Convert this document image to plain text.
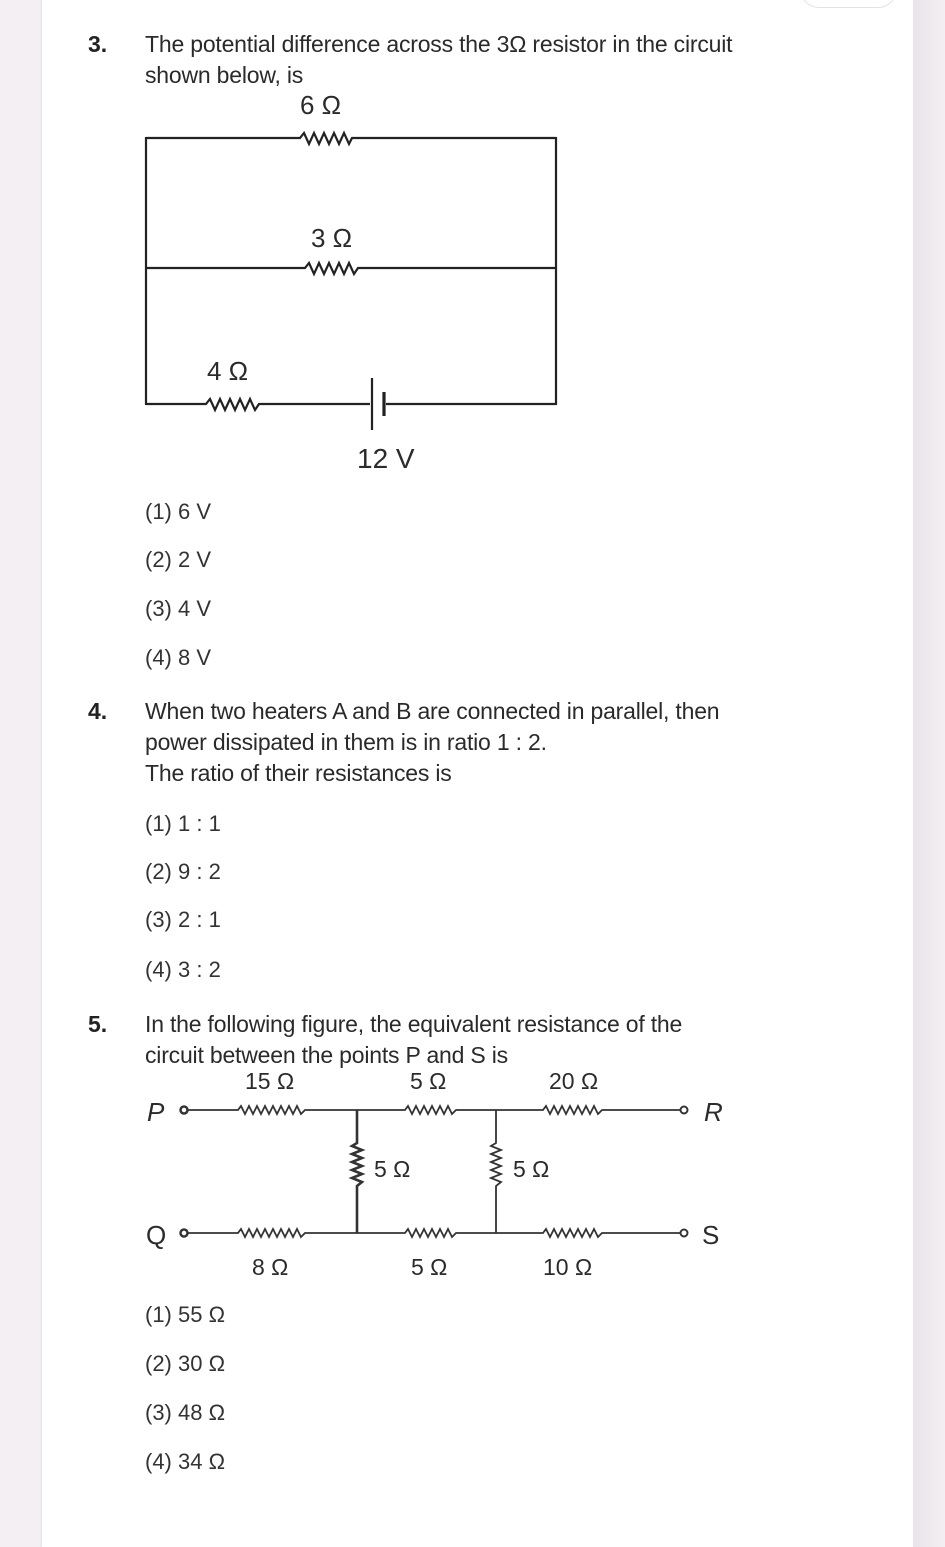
3. The potential difference across the 3Ω resistor in the circuit
shown below, is
6 Ω
3 Ω
4 Ω
12 V
(1) 6 V
(2) 2 V
(3) 4 V
(4) 8 V
4. When two heaters A and B are connected in parallel, then
power dissipated in them is in ratio 1 : 2.
The ratio of their resistances is
(1) 1 : 1
(2) 9 : 2
(3) 2 : 1
(4) 3 : 2
5. In the following figure, the equivalent resistance of the
circuit between the points P and S is
P
Q
R
S
15 Ω	5 Ω	20 Ω
5 Ω	5 Ω
8 Ω	5 Ω	10 Ω
(1) 55 Ω
(2) 30 Ω
(3) 48 Ω
(4) 34 Ω
